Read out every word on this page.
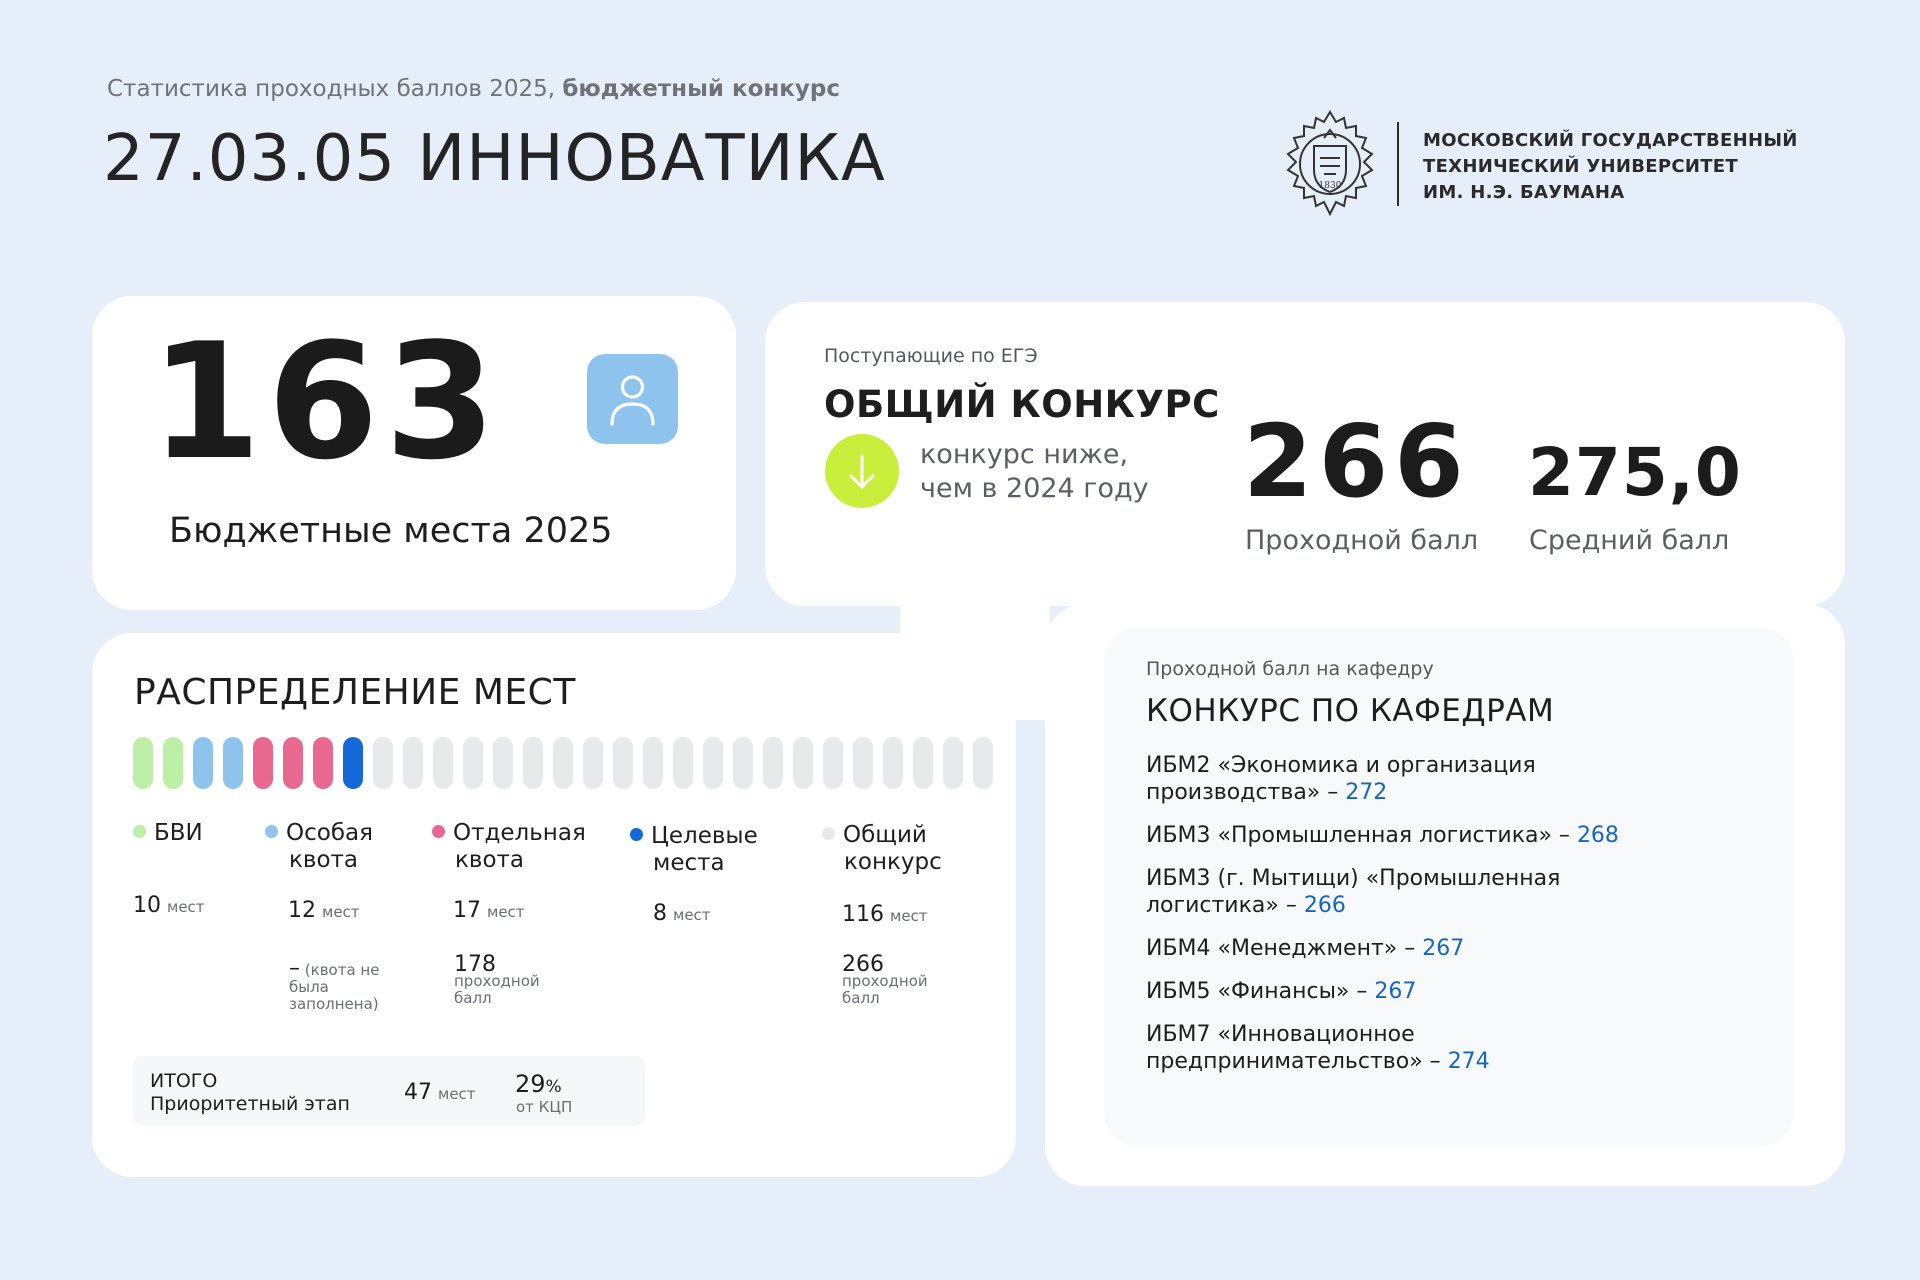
Статистика проходных баллов 2025, бюджетный конкурс
27.03.05 ИННОВАТИКА	1830
МОСКОВСКИЙ ГОСУДАРСТВЕННЫЙ
ТЕХНИЧЕСКИЙ УНИВЕРСИТЕТ
ИМ. Н.Э. БАУМАНА
163
Бюджетные места 2025
Поступающие по ЕГЭ
ОБЩИЙ КОНКУРС
конкурс ниже,
чем в 2024 году 266 275,0
Проходной балл Средний балл
РАСПРЕДЕЛЕНИЕ МЕСТ
БВИ
10 мест
Особая
квота
12 мест
– (квота не была заполнена)
Отдельная
квота
17 мест
178
проходной балл
Целевые
места
8 мест
Общий
конкурс
116 мест
266
проходной балл
ИТОГО
Приоритетный этап 47 мест 29%
от КЦП
Проходной балл на кафедру
КОНКУРС ПО КАФЕДРАМ
ИБМ2 «Экономика и организация производства» – 272
ИБМ3 «Промышленная логистика» – 268
ИБМ3 (г. Мытищи) «Промышленная логистика» – 266
ИБМ4 «Менеджмент» – 267
ИБМ5 «Финансы» – 267
ИБМ7 «Инновационное предпринимательство» – 274
